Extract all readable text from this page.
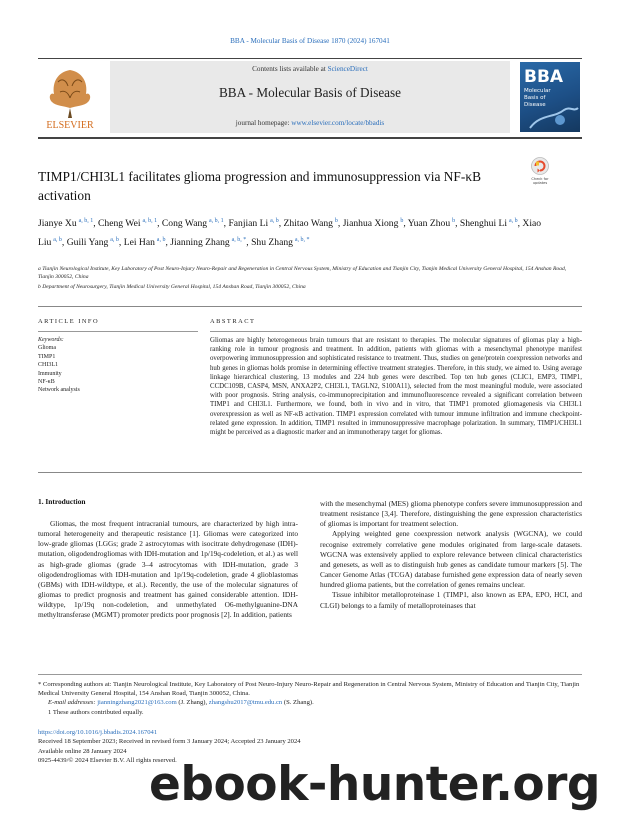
BBA - Molecular Basis of Disease 1870 (2024) 167041
ELSEVIER
Contents lists available at ScienceDirect
BBA - Molecular Basis of Disease
journal homepage: www.elsevier.com/locate/bbadis
BBA
Molecular
Basis of
Disease
TIMP1/CHI3L1 facilitates glioma progression and immunosuppression via NF-κB activation
Check for
updates
Jianye Xu  $^{a, b, 1}$, Cheng Wei  $^{a, b, 1}$, Cong Wang  $^{a, b, 1}$, Fanjian Li  $^{a, b}$, Zhitao Wang  $^b$, Jianhua Xiong  $^b$, Yuan Zhou  $^b$, Shenghui Li  $^{a, b}$, Xiao Liu  $^{a, b}$, Guili Yang  $^{a, b}$, Lei Han  $^{a, b}$, Jianning Zhang  $^{a, b, *}$, Shu Zhang  $^{a, b, *}$
a Tianjin Neurological Institute, Key Laboratory of Post Neuro-Injury Neuro-Repair and Regeneration in Central Nervous System, Ministry of Education and Tianjin City, Tianjin Medical University General Hospital, 154 Anshan Road, Tianjin 300052, China
b Department of Neurosurgery, Tianjin Medical University General Hospital, 154 Anshan Road, Tianjin 300052, China
ARTICLE INFO	ABSTRACT
Keywords:
Glioma
TIMP1
CHI3L1
Immunity
NF-κB
Network analysis
Gliomas are highly heterogeneous brain tumours that are resistant to therapies. The molecular signatures of gliomas play a high-ranking role in tumour prognosis and treatment. In addition, patients with gliomas with a mesenchymal phenotype manifest overpowering immunosuppression and sophisticated resistance to treatment. Thus, studies on gene/protein coexpression networks and hub genes in gliomas holds promise in determining effective treatment strategies. Therefore, in this study, we aimed to. Using average linkage hierarchical clustering, 13 modules and 224 hub genes were described. Top ten hub genes (CLIC1, EMP3, TIMP1, CCDC109B, CASP4, MSN, ANXA2P2, CHI3L1, TAGLN2, S100A11), selected from the most meaningful module, were associated with poor prognosis. String analysis, co-immunoprecipitation and immunofluorescence revealed a significant correlation between TIMP1 and CHI3L1. Furthermore, we found, both in vivo and in vitro, that TIMP1 promoted gliomagenesis via CHI3L1 overexpression as well as NF-κB activation. TIMP1 expression correlated with tumour immune infiltration and immune checkpoint-related gene expression. In addition, TIMP1 resulted in immunosuppressive macrophage polarization. In summary, TIMP1/CHI3L1 might be perceived as a diagnostic marker and an immunotherapy target for gliomas.
1. Introduction

Gliomas, the most frequent intracranial tumours, are characterized by high intra-tumoral heterogeneity and therapeutic resistance [1]. Gliomas were categorized into low-grade gliomas (LGGs; grade 2 astrocytomas with isocitrate dehydrogenase (IDH)-mutation, oligodendrogliomas with IDH-mutation and 1p/19q-codeletion, et al.) as well as high-grade gliomas (grade 3–4 astrocytomas with IDH-mutation, grade 3 oligodendrogliomas with IDH-mutation and 1p/19q-codeletion, grade 4 glioblastomas (GBMs) with IDH-wildtype, et al.). Recently, the use of the molecular signatures of gliomas to predict prognosis and treatment has gained considerable attention. IDH-wildtype, 1p/19q non-codeletion, and unmethylated O6-methylguanine-DNA methyltransferase (MGMT) promoter predicts poor prognosis [2]. In addition, patients

with the mesenchymal (MES) glioma phenotype confers severe immunosuppression and treatment resistance [3,4]. Therefore, distinguishing the gene expression characteristics of gliomas is important for treatment selection.

Applying weighted gene coexpression network analysis (WGCNA), we could recognise extremely correlative gene modules originated from large-scale datasets. WGCNA was extensively applied to explore relevance between clinical characteristics and genesets, as well as to distinguish hub genes as candidate tumour markers [5]. The Cancer Genome Atlas (TCGA) database furnished gene expression data of nearly seven hundred glioma patients, but the correlation of genes remains unclear.

Tissue inhibitor metalloproteinase 1 (TIMP1, also known as EPA, EPO, HCI, and CLGI) belongs to a family of metalloproteinases that

* Corresponding authors at: Tianjin Neurological Institute, Key Laboratory of Post Neuro-Injury Neuro-Repair and Regeneration in Central Nervous System, Ministry of Education and Tianjin City, Tianjin Medical University General Hospital, 154 Anshan Road, Tianjin 300052, China.

E-mail addresses: jianningzhang2021@163.com (J. Zhang), zhangshu2017@tmu.edu.cn (S. Zhang).

1 These authors contributed equally.

https://doi.org/10.1016/j.bbadis.2024.167041
Received 18 September 2023; Received in revised form 3 January 2024; Accepted 23 January 2024
Available online 28 January 2024
0925-4439/© 2024 Elsevier B.V. All rights reserved.
ebook-hunter.org
